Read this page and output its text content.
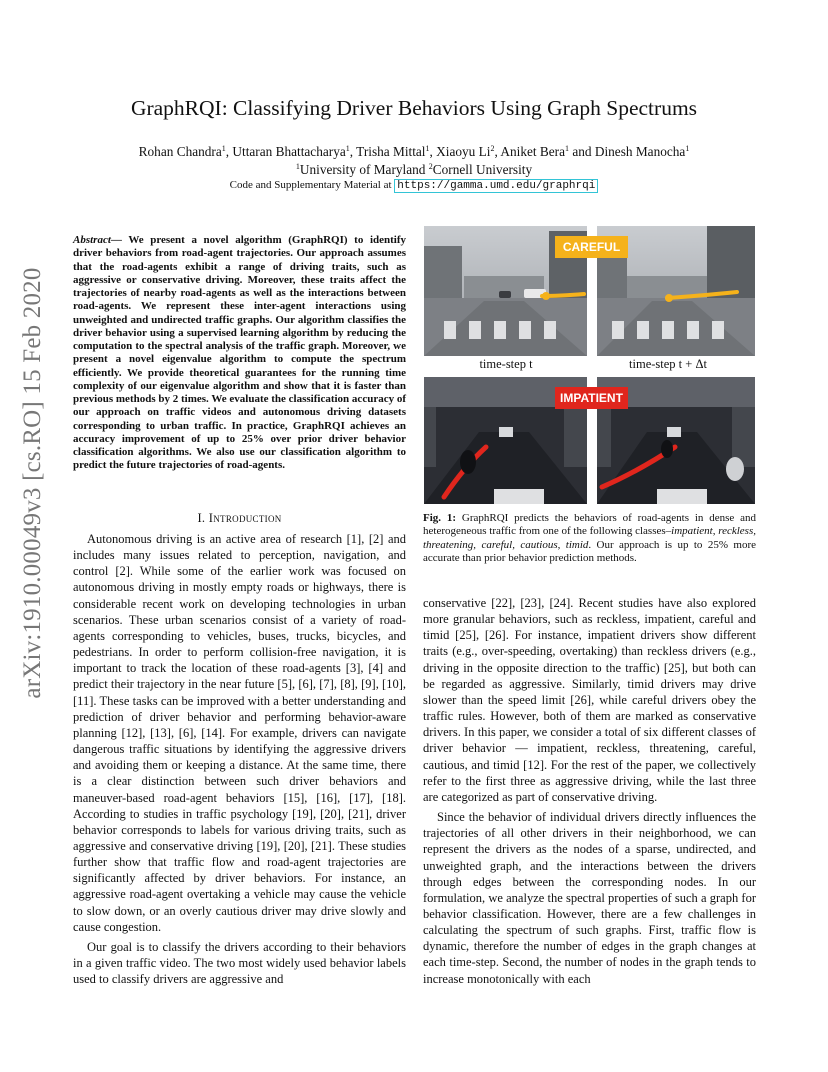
arXiv:1910.00049v3 [cs.RO] 15 Feb 2020
GraphRQI: Classifying Driver Behaviors Using Graph Spectrums
Rohan Chandra$^1$, Uttaran Bhattacharya$^1$, Trisha Mittal$^1$, Xiaoyu Li$^2$, Aniket Bera$^1$ and Dinesh Manocha$^1$
$^1$University of Maryland $^2$Cornell University
Code and Supplementary Material at https://gamma.umd.edu/graphrqi
Abstract— We present a novel algorithm (GraphRQI) to identify driver behaviors from road-agent trajectories. Our approach assumes that the road-agents exhibit a range of driving traits, such as aggressive or conservative driving. Moreover, these traits affect the trajectories of nearby road-agents as well as the interactions between road-agents. We represent these inter-agent interactions using unweighted and undirected traffic graphs. Our algorithm classifies the driver behavior using a supervised learning algorithm by reducing the computation to the spectral analysis of the traffic graph. Moreover, we present a novel eigenvalue algorithm to compute the spectrum efficiently. We provide theoretical guarantees for the running time complexity of our eigenvalue algorithm and show that it is faster than previous methods by 2 times. We evaluate the classification accuracy of our approach on traffic videos and autonomous driving datasets corresponding to urban traffic. In practice, GraphRQI achieves an accuracy improvement of up to 25% over prior driver behavior classification algorithms. We also use our classification algorithm to predict the future trajectories of road-agents.
I. Introduction

Autonomous driving is an active area of research [1], [2] and includes many issues related to perception, navigation, and control [2]. While some of the earlier work was focused on autonomous driving in mostly empty roads or highways, there is considerable recent work on developing technologies in urban scenarios. These urban scenarios consist of a variety of road-agents corresponding to vehicles, buses, trucks, bicycles, and pedestrians. In order to perform collision-free navigation, it is important to track the location of these road-agents [3], [4] and predict their trajectory in the near future [5], [6], [7], [8], [9], [10], [11]. These tasks can be improved with a better understanding and prediction of driver behavior and performing behavior-aware planning [12], [13], [6], [14]. For example, drivers can navigate dangerous traffic situations by identifying the aggressive drivers and avoiding them or keeping a distance. At the same time, there is a clear distinction between such driver behaviors and maneuver-based road-agent behaviors [15], [16], [17], [18]. According to studies in traffic psychology [19], [20], [21], driver behavior corresponds to labels for various driving traits, such as aggressive and conservative driving [19], [20], [21]. These studies further show that traffic flow and road-agent trajectories are significantly affected by driver behaviors. For instance, an aggressive road-agent overtaking a vehicle may cause the vehicle to slow down, or an overly cautious driver may drive slowly and cause congestion.

Our goal is to classify the drivers according to their behaviors in a given traffic video. The two most widely used behavior labels used to classify drivers are aggressive and

CAREFUL
time-step t	time-step t + Δt
IMPATIENT
Fig. 1: GraphRQI predicts the behaviors of road-agents in dense and heterogeneous traffic from one of the following classes–impatient, reckless, threatening, careful, cautious, timid. Our approach is up to 25% more accurate than prior behavior prediction methods.

conservative [22], [23], [24]. Recent studies have also explored more granular behaviors, such as reckless, impatient, careful and timid [25], [26]. For instance, impatient drivers show different traits (e.g., over-speeding, overtaking) than reckless drivers (e.g., driving in the opposite direction to the traffic) [25], but both can be regarded as aggressive. Similarly, timid drivers may drive slower than the speed limit [26], while careful drivers obey the traffic rules. However, both of them are marked as conservative drivers. In this paper, we consider a total of six different classes of driver behavior — impatient, reckless, threatening, careful, cautious, and timid [12]. For the rest of the paper, we collectively refer to the first three as aggressive driving, while the last three are categorized as part of conservative driving.

Since the behavior of individual drivers directly influences the trajectories of all other drivers in their neighborhood, we can represent the drivers as the nodes of a sparse, undirected, and unweighted graph, and the interactions between the drivers through edges between the corresponding nodes. In our formulation, we analyze the spectral properties of such a graph for behavior classification. However, there are a few challenges in calculating the spectrum of such graphs. First, traffic flow is dynamic, therefore the number of edges in the graph changes at each time-step. Second, the number of nodes in the graph tends to increase monotonically with each
